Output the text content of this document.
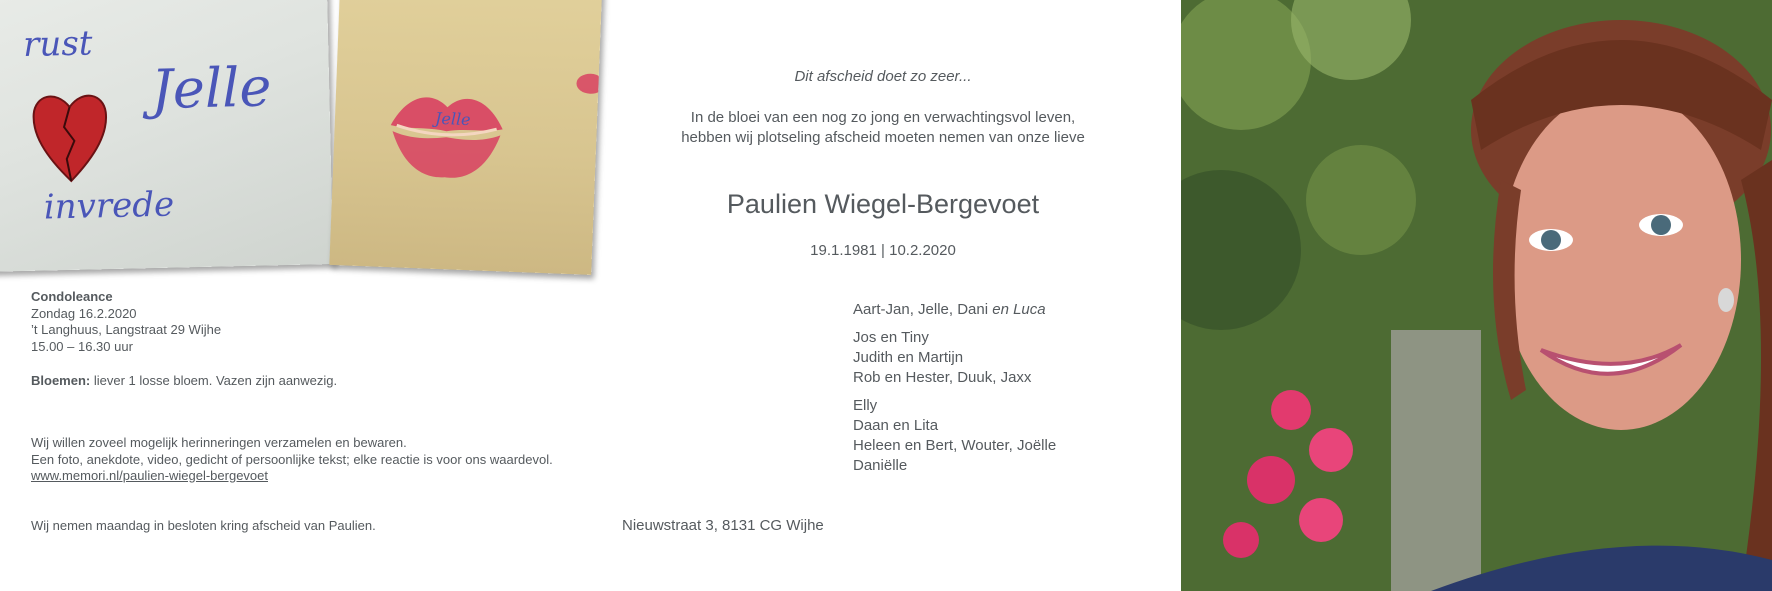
rust
Jelle
invrede
Jelle
Condoleance
Zondag 16.2.2020
’t Langhuus, Langstraat 29 Wijhe
15.00 – 16.30 uur
Bloemen: liever 1 losse bloem. Vazen zijn aanwezig.
Wij willen zoveel mogelijk herinneringen verzamelen en bewaren.
Een foto, anekdote, video, gedicht of persoonlijke tekst; elke reactie is voor ons waardevol.
www.memori.nl/paulien-wiegel-bergevoet
Wij nemen maandag in besloten kring afscheid van Paulien.
Dit afscheid doet zo zeer...
In de bloei van een nog zo jong en verwachtingsvol leven,
hebben wij plotseling afscheid moeten nemen van onze lieve
Paulien Wiegel-Bergevoet
19.1.1981 | 10.2.2020
Aart-Jan, Jelle, Dani en Luca
Jos en Tiny
Judith en Martijn
Rob en Hester, Duuk, Jaxx
Elly
Daan en Lita
Heleen en Bert, Wouter, Joëlle
Daniëlle
Nieuwstraat 3, 8131 CG Wijhe
